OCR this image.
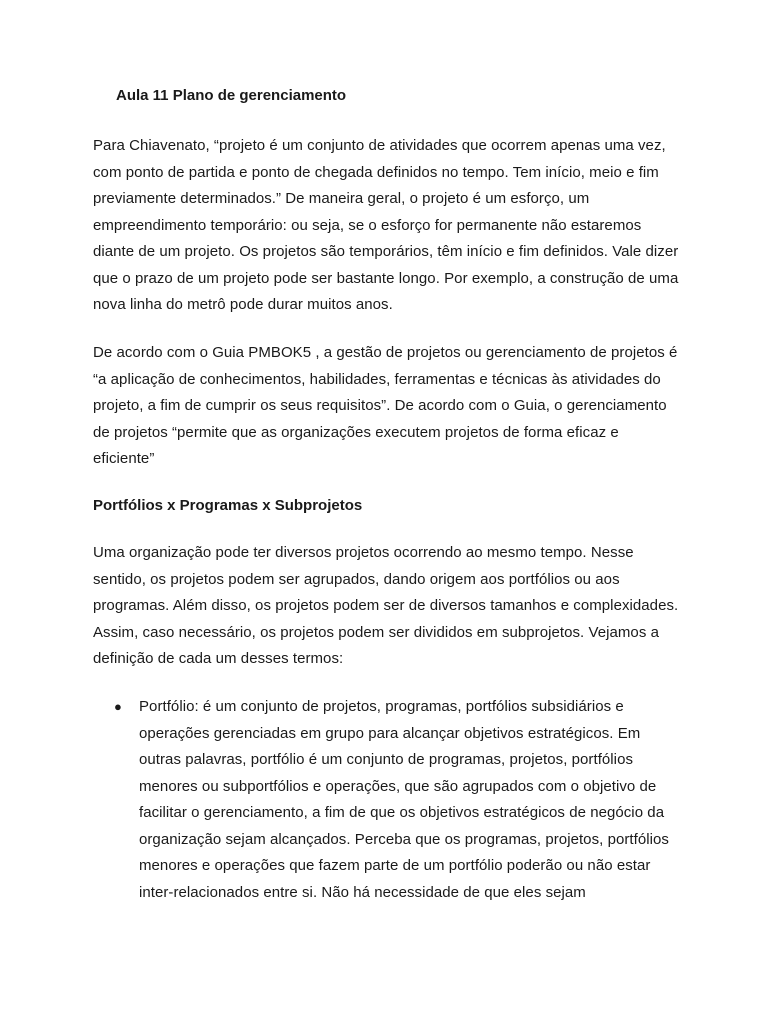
Aula 11 Plano de gerenciamento

Para Chiavenato, “projeto é um conjunto de atividades que ocorrem apenas uma vez, com ponto de partida e ponto de chegada definidos no tempo. Tem início, meio e fim previamente determinados.” De maneira geral, o projeto é um esforço, um empreendimento temporário: ou seja, se o esforço for permanente não estaremos diante de um projeto. Os projetos são temporários, têm início e fim definidos. Vale dizer que o prazo de um projeto pode ser bastante longo. Por exemplo, a construção de uma nova linha do metrô pode durar muitos anos.

De acordo com o Guia PMBOK5 , a gestão de projetos ou gerenciamento de projetos é “a aplicação de conhecimentos, habilidades, ferramentas e técnicas às atividades do projeto, a fim de cumprir os seus requisitos”. De acordo com o Guia, o gerenciamento de projetos “permite que as organizações executem projetos de forma eficaz e eficiente”

Portfólios x Programas x Subprojetos

Uma organização pode ter diversos projetos ocorrendo ao mesmo tempo. Nesse sentido, os projetos podem ser agrupados, dando origem aos portfólios ou aos programas. Além disso, os projetos podem ser de diversos tamanhos e complexidades. Assim, caso necessário, os projetos podem ser divididos em subprojetos. Vejamos a definição de cada um desses termos:

● Portfólio: é um conjunto de projetos, programas, portfólios subsidiários e operações gerenciadas em grupo para alcançar objetivos estratégicos. Em outras palavras, portfólio é um conjunto de programas, projetos, portfólios menores ou subportfólios e operações, que são agrupados com o objetivo de facilitar o gerenciamento, a fim de que os objetivos estratégicos de negócio da organização sejam alcançados. Perceba que os programas, projetos, portfólios menores e operações que fazem parte de um portfólio poderão ou não estar inter-relacionados entre si. Não há necessidade de que eles sejam
